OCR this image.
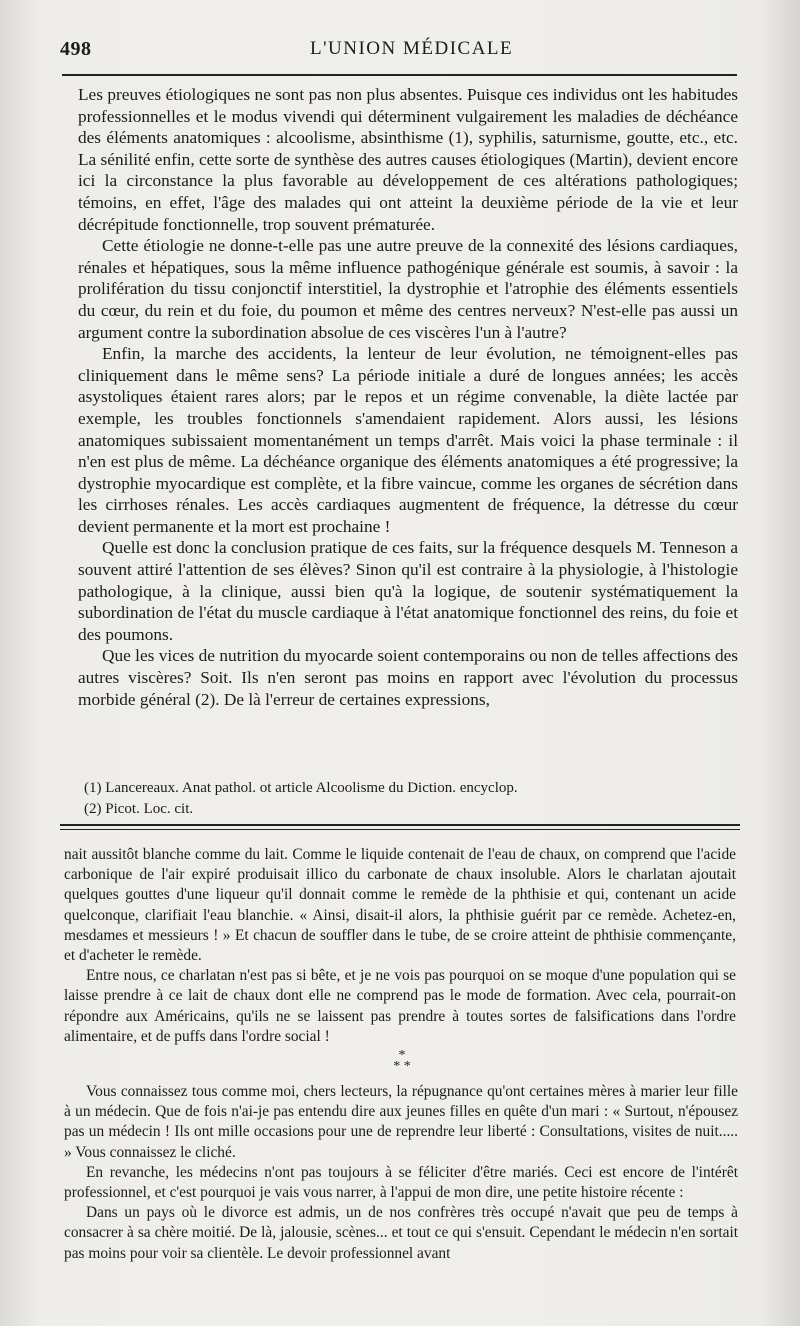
498	L'UNION MÉDICALE

Les preuves étiologiques ne sont pas non plus absentes. Puisque ces individus ont les habitudes professionnelles et le modus vivendi qui déterminent vulgairement les maladies de déchéance des éléments anatomiques : alcoolisme, absinthisme (1), syphilis, saturnisme, goutte, etc., etc. La sénilité enfin, cette sorte de synthèse des autres causes étiologiques (Martin), devient encore ici la circonstance la plus favorable au développement de ces altérations pathologiques; témoins, en effet, l'âge des malades qui ont atteint la deuxième période de la vie et leur décrépitude fonctionnelle, trop souvent prématurée.

Cette étiologie ne donne-t-elle pas une autre preuve de la connexité des lésions cardiaques, rénales et hépatiques, sous la même influence pathogénique générale est soumis, à savoir : la prolifération du tissu conjonctif interstitiel, la dystrophie et l'atrophie des éléments essentiels du cœur, du rein et du foie, du poumon et même des centres nerveux? N'est-elle pas aussi un argument contre la subordination absolue de ces viscères l'un à l'autre?

Enfin, la marche des accidents, la lenteur de leur évolution, ne témoignent-elles pas cliniquement dans le même sens? La période initiale a duré de longues années; les accès asystoliques étaient rares alors; par le repos et un régime convenable, la diète lactée par exemple, les troubles fonctionnels s'amendaient rapidement. Alors aussi, les lésions anatomiques subissaient momentanément un temps d'arrêt. Mais voici la phase terminale : il n'en est plus de même. La déchéance organique des éléments anatomiques a été progressive; la dystrophie myocardique est complète, et la fibre vaincue, comme les organes de sécrétion dans les cirrhoses rénales. Les accès cardiaques augmentent de fréquence, la détresse du cœur devient permanente et la mort est prochaine !

Quelle est donc la conclusion pratique de ces faits, sur la fréquence desquels M. Tenneson a souvent attiré l'attention de ses élèves? Sinon qu'il est contraire à la physiologie, à l'histologie pathologique, à la clinique, aussi bien qu'à la logique, de soutenir systématiquement la subordination de l'état du muscle cardiaque à l'état anatomique fonctionnel des reins, du foie et des poumons.

Que les vices de nutrition du myocarde soient contemporains ou non de telles affections des autres viscères? Soit. Ils n'en seront pas moins en rapport avec l'évolution du processus morbide général (2). De là l'erreur de certaines expressions,

(1) Lancereaux. Anat pathol. ot article Alcoolisme du Diction. encyclop.

(2) Picot. Loc. cit.

nait aussitôt blanche comme du lait. Comme le liquide contenait de l'eau de chaux, on comprend que l'acide carbonique de l'air expiré produisait illico du carbonate de chaux insoluble. Alors le charlatan ajoutait quelques gouttes d'une liqueur qu'il donnait comme le remède de la phthisie et qui, contenant un acide quelconque, clarifiait l'eau blanchie. « Ainsi, disait-il alors, la phthisie guérit par ce remède. Achetez-en, mesdames et messieurs ! » Et chacun de souffler dans le tube, de se croire atteint de phthisie commençante, et d'acheter le remède.

Entre nous, ce charlatan n'est pas si bête, et je ne vois pas pourquoi on se moque d'une population qui se laisse prendre à ce lait de chaux dont elle ne comprend pas le mode de formation. Avec cela, pourrait-on répondre aux Américains, qu'ils ne se laissent pas prendre à toutes sortes de falsifications dans l'ordre alimentaire, et de puffs dans l'ordre social !

*
* *

Vous connaissez tous comme moi, chers lecteurs, la répugnance qu'ont certaines mères à marier leur fille à un médecin. Que de fois n'ai-je pas entendu dire aux jeunes filles en quête d'un mari : « Surtout, n'épousez pas un médecin ! Ils ont mille occasions pour une de reprendre leur liberté : Consultations, visites de nuit..... » Vous connaissez le cliché.

En revanche, les médecins n'ont pas toujours à se féliciter d'être mariés. Ceci est encore de l'intérêt professionnel, et c'est pourquoi je vais vous narrer, à l'appui de mon dire, une petite histoire récente :

Dans un pays où le divorce est admis, un de nos confrères très occupé n'avait que peu de temps à consacrer à sa chère moitié. De là, jalousie, scènes... et tout ce qui s'ensuit. Cependant le médecin n'en sortait pas moins pour voir sa clientèle. Le devoir professionnel avant
